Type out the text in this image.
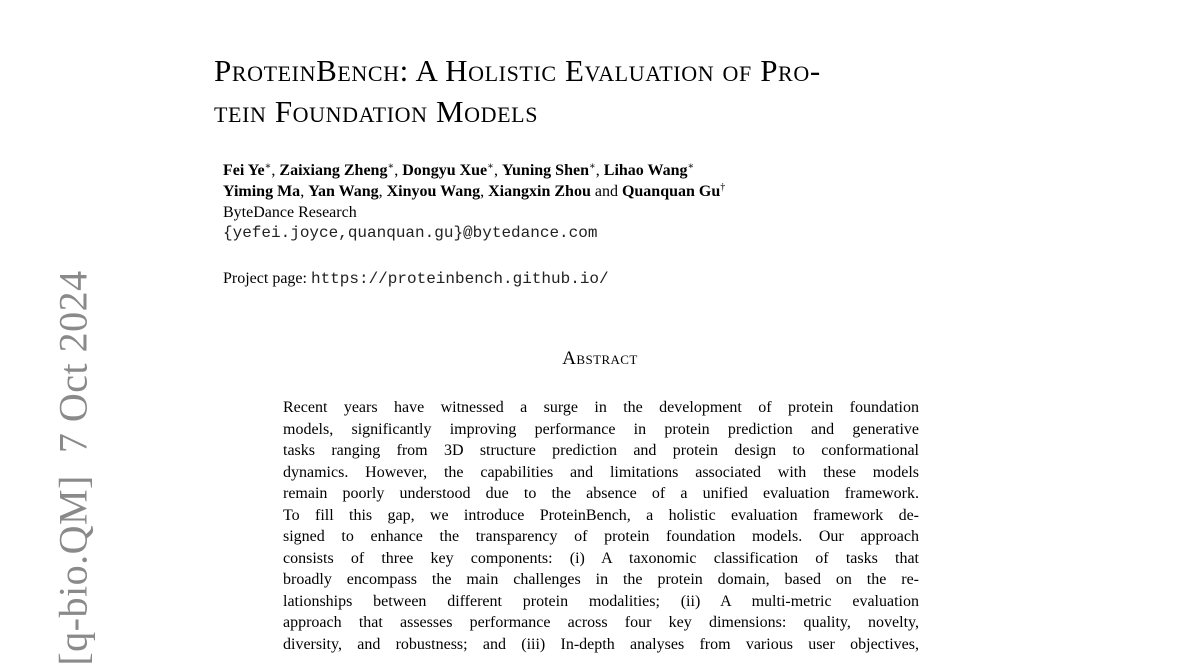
[q-bio.QM]7 Oct 2024
ProteinBench: A Holistic Evaluation of Pro-
tein Foundation Models
Fei Ye∗, Zaixiang Zheng∗, Dongyu Xue∗, Yuning Shen∗, Lihao Wang∗
Yiming Ma, Yan Wang, Xinyou Wang, Xiangxin Zhou and Quanquan Gu†
ByteDance Research
{yefei.joyce,quanquan.gu}@bytedance.com
Project page: https://proteinbench.github.io/
Abstract
Recent years have witnessed a surge in the development of protein foundation
models, significantly improving performance in protein prediction and generative
tasks ranging from 3D structure prediction and protein design to conformational
dynamics. However, the capabilities and limitations associated with these models
remain poorly understood due to the absence of a unified evaluation framework.
To fill this gap, we introduce ProteinBench, a holistic evaluation framework de-
signed to enhance the transparency of protein foundation models. Our approach
consists of three key components: (i) A taxonomic classification of tasks that
broadly encompass the main challenges in the protein domain, based on the re-
lationships between different protein modalities; (ii) A multi-metric evaluation
approach that assesses performance across four key dimensions: quality, novelty,
diversity, and robustness; and (iii) In-depth analyses from various user objectives,
